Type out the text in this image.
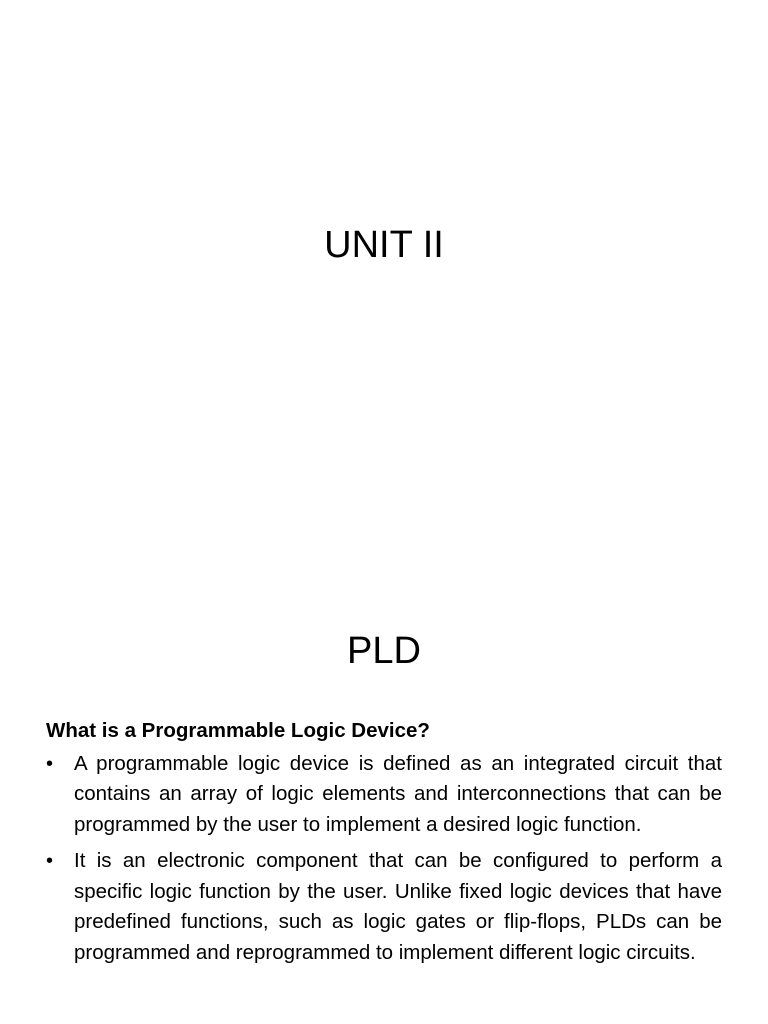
UNIT II
PLD

What is a Programmable Logic Device?

•	A programmable logic device is defined as an integrated circuit that contains an array of logic elements and interconnections that can be programmed by the user to implement a desired logic function.
•	It is an electronic component that can be configured to perform a specific logic function by the user. Unlike fixed logic devices that have predefined functions, such as logic gates or flip-flops, PLDs can be programmed and reprogrammed to implement different logic circuits.
